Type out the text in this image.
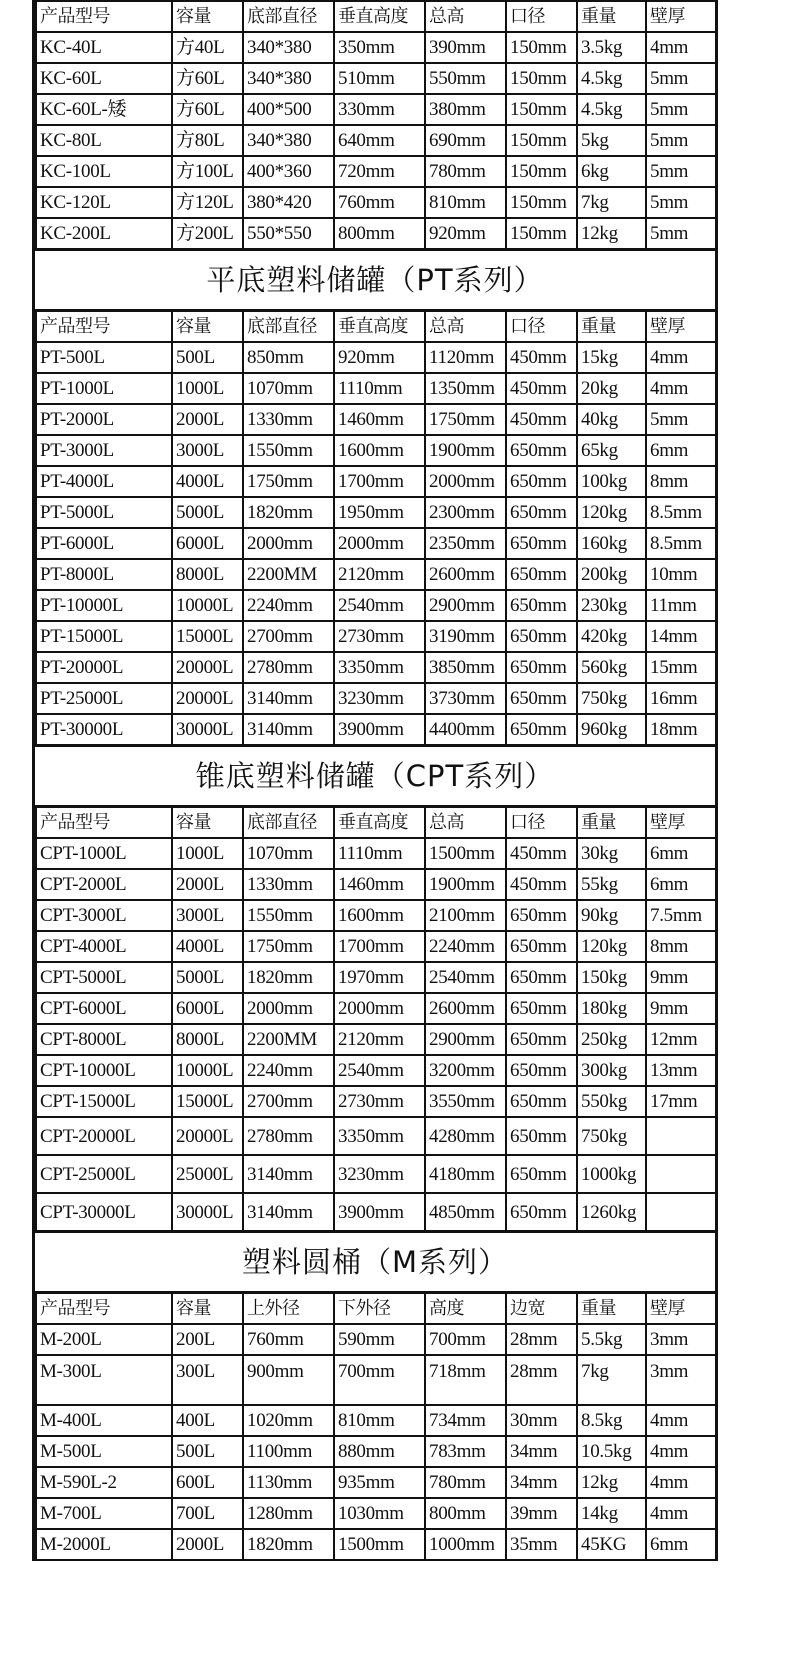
产品型号	容量	底部直径	垂直高度	总高	口径	重量	壁厚
KC-40L	方40L	340*380	350mm	390mm	150mm	3.5kg	4mm
KC-60L	方60L	340*380	510mm	550mm	150mm	4.5kg	5mm
KC-60L-矮	方60L	400*500	330mm	380mm	150mm	4.5kg	5mm
KC-80L	方80L	340*380	640mm	690mm	150mm	5kg	5mm
KC-100L	方100L	400*360	720mm	780mm	150mm	6kg	5mm
KC-120L	方120L	380*420	760mm	810mm	150mm	7kg	5mm
KC-200L	方200L	550*550	800mm	920mm	150mm	12kg	5mm
平底塑料储罐（PT系列）
产品型号	容量	底部直径	垂直高度	总高	口径	重量	壁厚
PT-500L	500L	850mm	920mm	1120mm	450mm	15kg	4mm
PT-1000L	1000L	1070mm	1110mm	1350mm	450mm	20kg	4mm
PT-2000L	2000L	1330mm	1460mm	1750mm	450mm	40kg	5mm
PT-3000L	3000L	1550mm	1600mm	1900mm	650mm	65kg	6mm
PT-4000L	4000L	1750mm	1700mm	2000mm	650mm	100kg	8mm
PT-5000L	5000L	1820mm	1950mm	2300mm	650mm	120kg	8.5mm
PT-6000L	6000L	2000mm	2000mm	2350mm	650mm	160kg	8.5mm
PT-8000L	8000L	2200MM	2120mm	2600mm	650mm	200kg	10mm
PT-10000L	10000L	2240mm	2540mm	2900mm	650mm	230kg	11mm
PT-15000L	15000L	2700mm	2730mm	3190mm	650mm	420kg	14mm
PT-20000L	20000L	2780mm	3350mm	3850mm	650mm	560kg	15mm
PT-25000L	20000L	3140mm	3230mm	3730mm	650mm	750kg	16mm
PT-30000L	30000L	3140mm	3900mm	4400mm	650mm	960kg	18mm
锥底塑料储罐（CPT系列）
产品型号	容量	底部直径	垂直高度	总高	口径	重量	壁厚
CPT-1000L	1000L	1070mm	1110mm	1500mm	450mm	30kg	6mm
CPT-2000L	2000L	1330mm	1460mm	1900mm	450mm	55kg	6mm
CPT-3000L	3000L	1550mm	1600mm	2100mm	650mm	90kg	7.5mm
CPT-4000L	4000L	1750mm	1700mm	2240mm	650mm	120kg	8mm
CPT-5000L	5000L	1820mm	1970mm	2540mm	650mm	150kg	9mm
CPT-6000L	6000L	2000mm	2000mm	2600mm	650mm	180kg	9mm
CPT-8000L	8000L	2200MM	2120mm	2900mm	650mm	250kg	12mm
CPT-10000L	10000L	2240mm	2540mm	3200mm	650mm	300kg	13mm
CPT-15000L	15000L	2700mm	2730mm	3550mm	650mm	550kg	17mm
CPT-20000L	20000L	2780mm	3350mm	4280mm	650mm	750kg	
CPT-25000L	25000L	3140mm	3230mm	4180mm	650mm	1000kg	
CPT-30000L	30000L	3140mm	3900mm	4850mm	650mm	1260kg	
塑料圆桶（M系列）
产品型号	容量	上外径	下外径	高度	边宽	重量	壁厚
M-200L	200L	760mm	590mm	700mm	28mm	5.5kg	3mm
M-300L	300L	900mm	700mm	718mm	28mm	7kg	3mm
M-400L	400L	1020mm	810mm	734mm	30mm	8.5kg	4mm
M-500L	500L	1100mm	880mm	783mm	34mm	10.5kg	4mm
M-590L-2	600L	1130mm	935mm	780mm	34mm	12kg	4mm
M-700L	700L	1280mm	1030mm	800mm	39mm	14kg	4mm
M-2000L	2000L	1820mm	1500mm	1000mm	35mm	45KG	6mm
